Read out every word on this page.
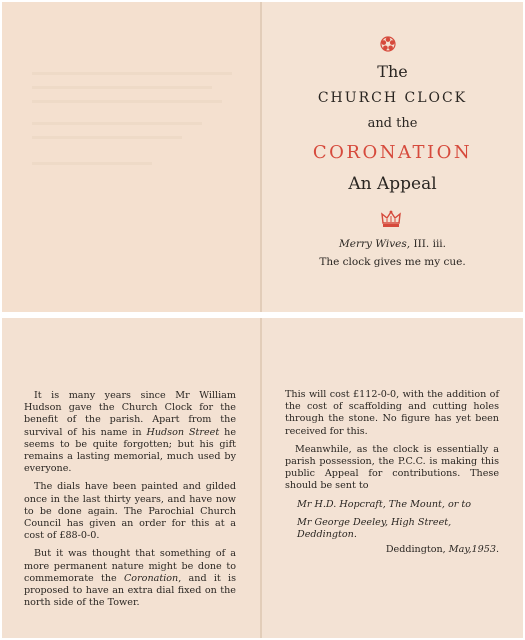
The
CHURCH CLOCK
and the
CORONATION
An Appeal
Merry Wives, III. iii.
The clock gives me my cue.

It is many years since Mr William Hudson gave the Church Clock for the benefit of the parish. Apart from the survival of his name in Hudson Street he seems to be quite forgotten; but his gift remains a lasting memorial, much used by everyone.

The dials have been painted and gilded once in the last thirty years, and have now to be done again. The Parochial Church Council has given an order for this at a cost of £88-0-0.

But it was thought that something of a more permanent nature might be done to commemorate the Coronation, and it is proposed to have an extra dial fixed on the north side of the Tower.

This will cost £112-0-0, with the addition of the cost of scaffolding and cutting holes through the stone. No figure has yet been received for this.

Meanwhile, as the clock is essentially a parish possession, the P.C.C. is making this public Appeal for contributions. These should be sent to

Mr H.D. Hopcraft, The Mount, or to

Mr George Deeley, High Street, Deddington.

Deddington, May,1953.
